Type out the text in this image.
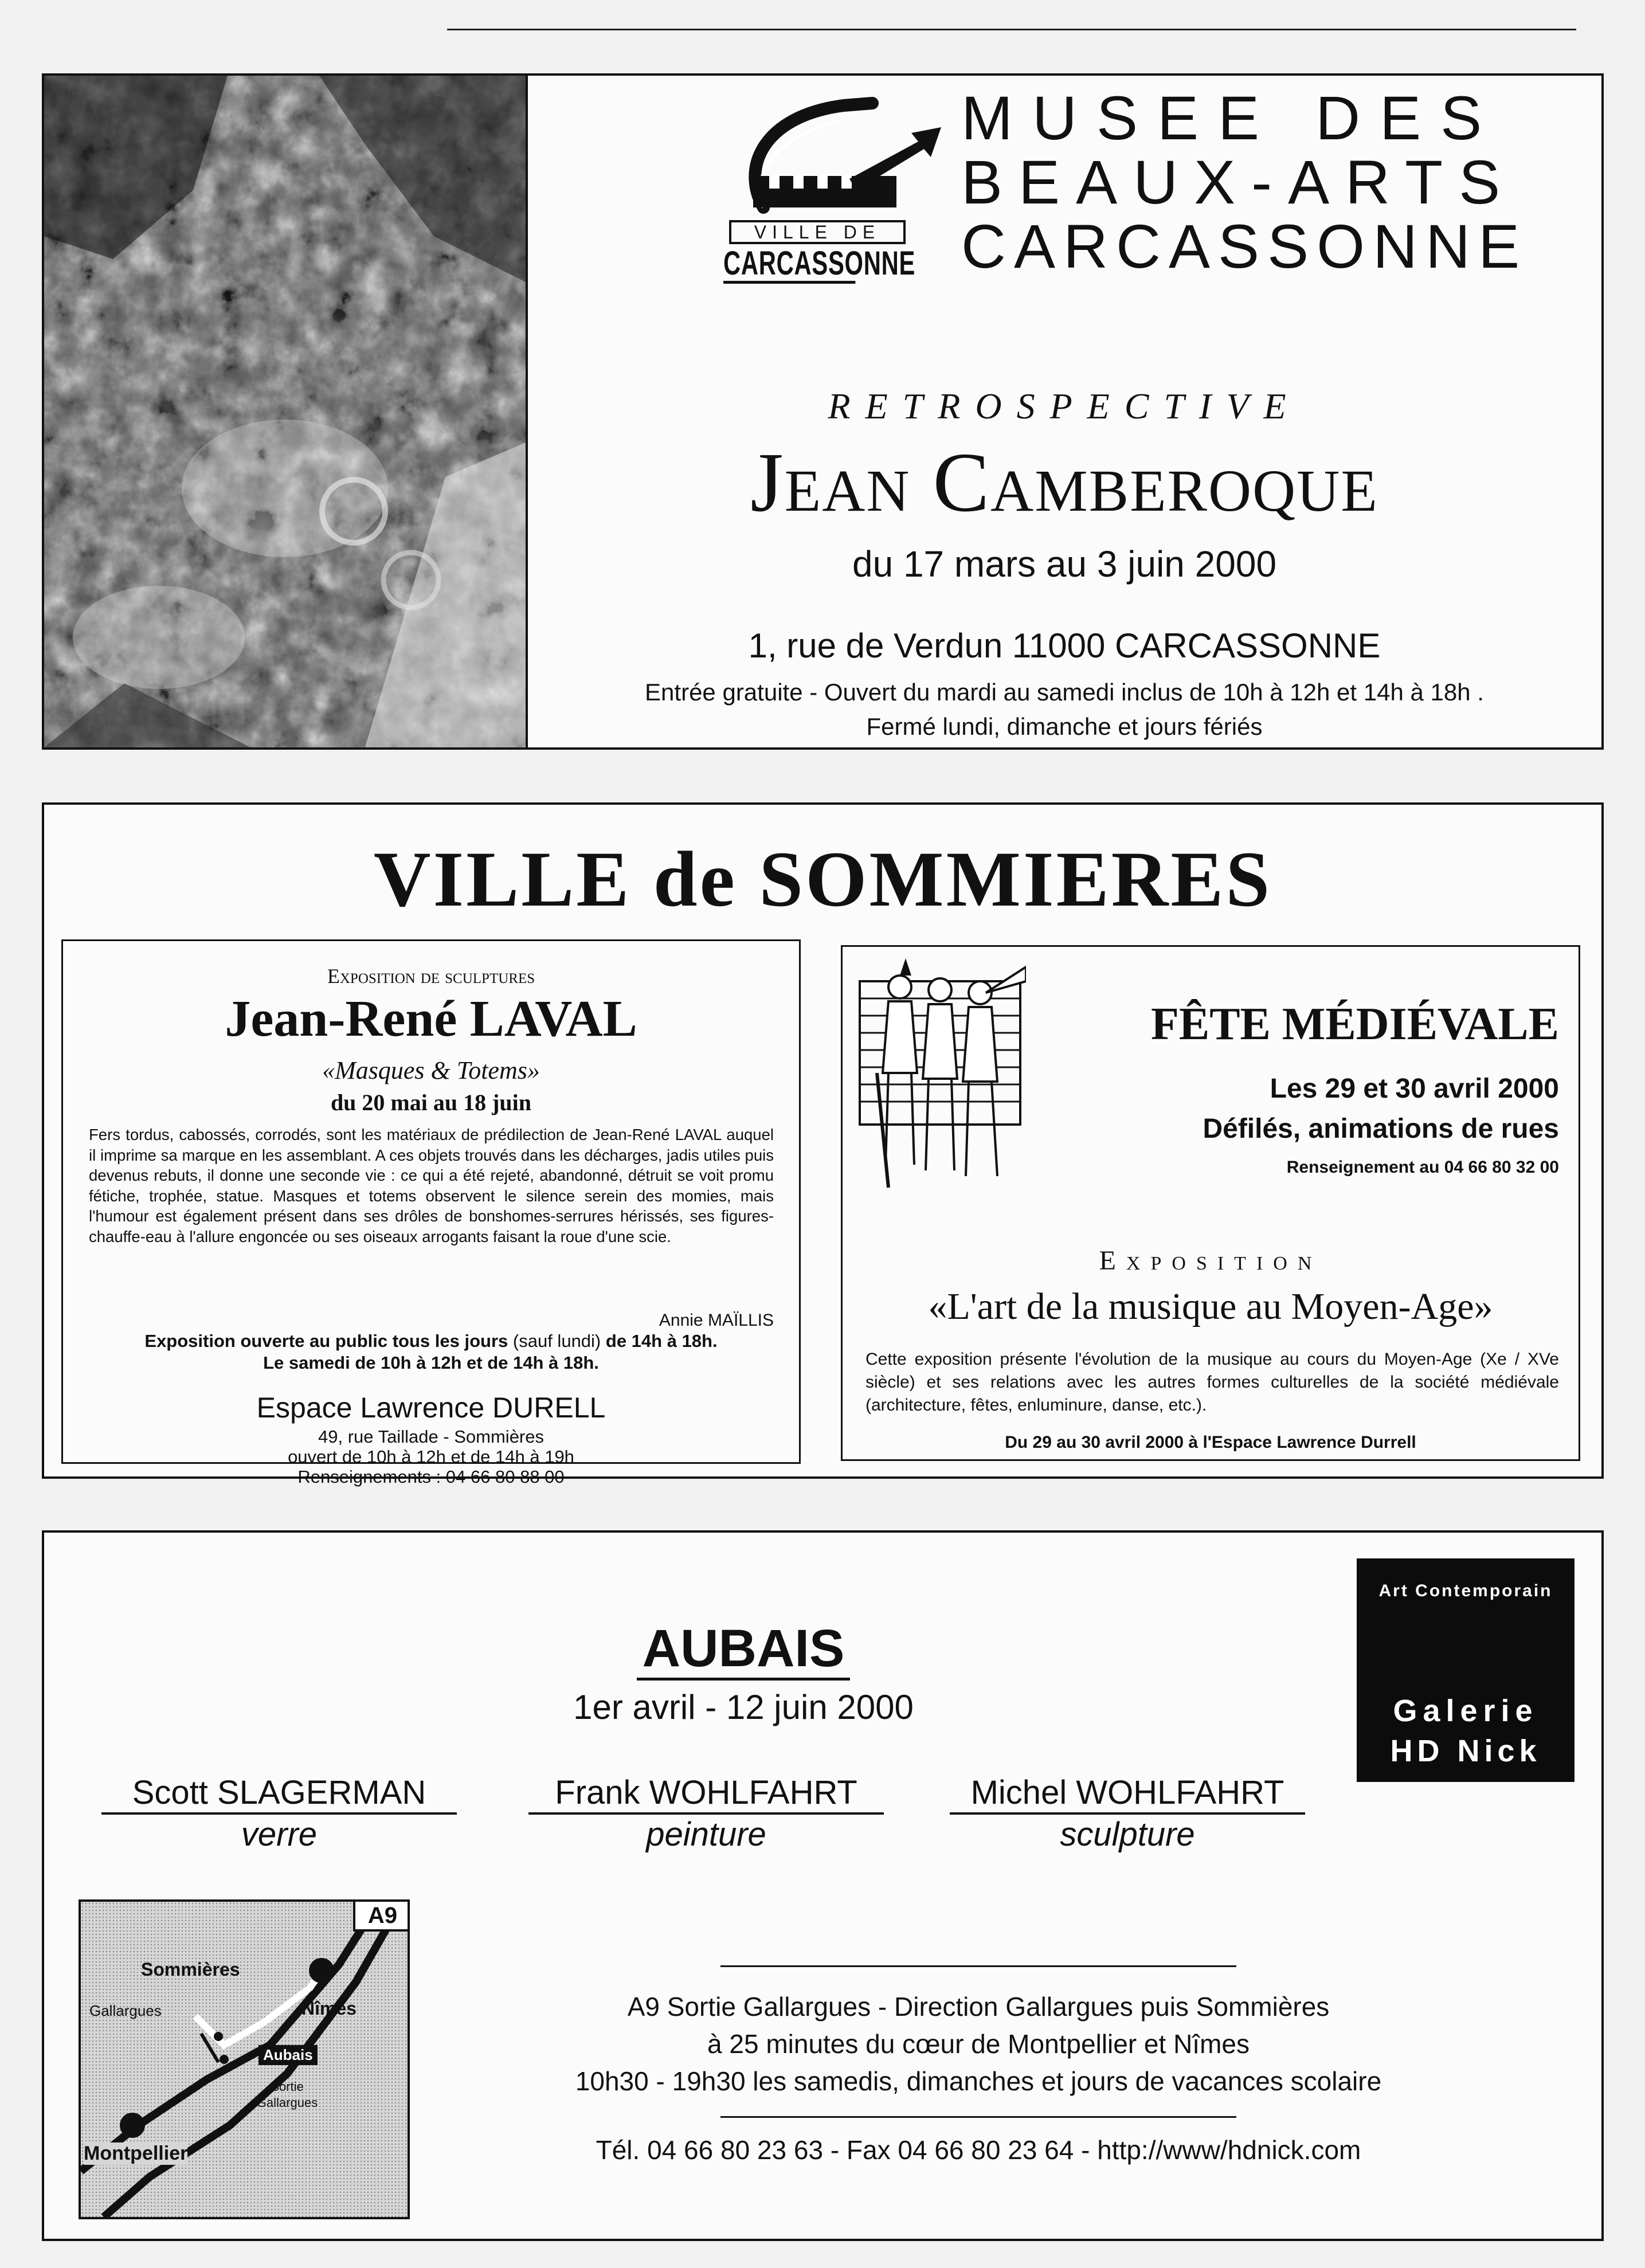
VILLE DE
CARCASSONNE
MUSEE DES
BEAUX-ARTS
CARCASSONNE
RETROSPECTIVE
Jean Camberoque
du 17 mars au 3 juin 2000
1, rue de Verdun 11000 CARCASSONNE
Entrée gratuite - Ouvert du mardi au samedi inclus de 10h à 12h et 14h à 18h .
Fermé lundi, dimanche et jours fériés
VILLE de SOMMIERES
Exposition de sculptures
Jean-René LAVAL
«Masques & Totems»
du 20 mai au 18 juin
Fers tordus, cabossés, corrodés, sont les matériaux de prédilection de Jean-René LAVAL auquel il imprime sa marque en les assemblant. A ces objets trouvés dans les décharges, jadis utiles puis devenus rebuts, il donne une seconde vie : ce qui a été rejeté, abandonné, détruit se voit promu fétiche, trophée, statue. Masques et totems observent le silence serein des momies, mais l'humour est également présent dans ses drôles de bonshomes-serrures hérissés, ses figures-chauffe-eau à l'allure engoncée ou ses oiseaux arrogants faisant la roue d'une scie.
Annie MAÏLLIS
Exposition ouverte au public tous les jours (sauf lundi) de 14h à 18h.
Le samedi de 10h à 12h et de 14h à 18h.
Espace Lawrence DURELL
49, rue Taillade - Sommières
ouvert de 10h à 12h et de 14h à 19h
Renseignements : 04 66 80 88 00
FÊTE MÉDIÉVALE
Les 29 et 30 avril 2000
Défilés, animations de rues
Renseignement au 04 66 80 32 00
Exposition
«L'art de la musique au Moyen-Age»
Cette exposition présente l'évolution de la musique au cours du Moyen-Age (Xe / XVe siècle) et ses relations avec les autres formes culturelles de la société médiévale (architecture, fêtes, enluminure, danse, etc.).
Du 29 au 30 avril 2000 à l'Espace Lawrence Durrell
Art Contemporain
Galerie
HD Nick
AUBAIS
1er avril - 12 juin 2000
Scott SLAGERMAN
verre
Frank WOHLFAHRT
peinture
Michel WOHLFAHRT
sculpture
A9
Sommières
Gallargues	Nîmes
Aubais
Sortie
Gallargues
Montpellier
A9 Sortie Gallargues - Direction Gallargues puis Sommières
à 25 minutes du cœur de Montpellier et Nîmes
10h30 - 19h30 les samedis, dimanches et jours de vacances scolaire
Tél. 04 66 80 23 63 - Fax 04 66 80 23 64 - http://www/hdnick.com
